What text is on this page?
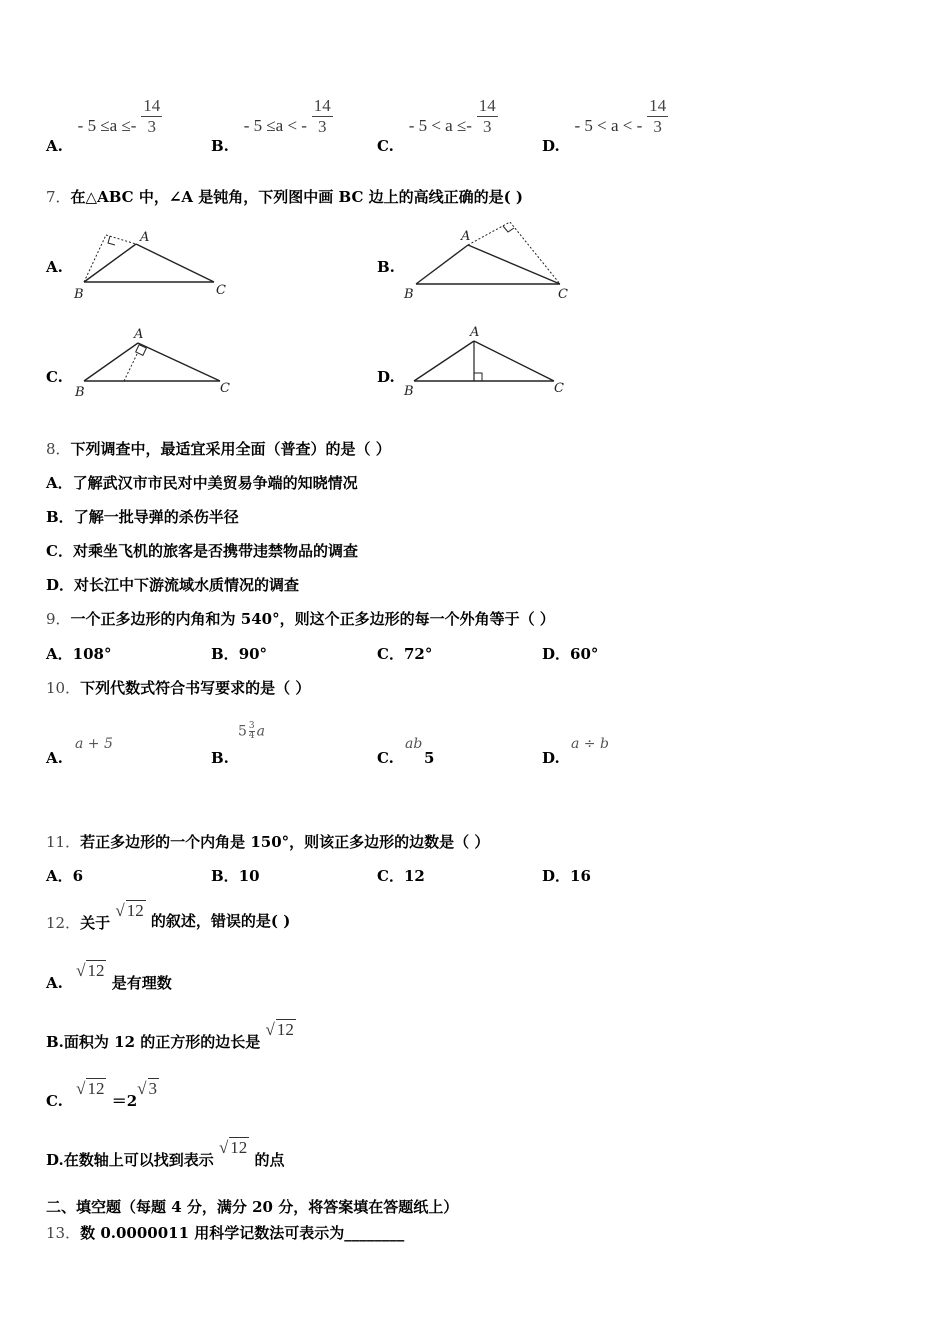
A. - $5 \le a \le- \frac{14}{3}$
B. - 5 ≤a < - $\frac{14}{3}$
C. - $5 < a \le- \frac{14}{3}$
D. - 5 < a < - $\frac{14}{3}$
7．在△ABC 中，∠A 是钝角，下列图中画 BC 边上的高线正确的是( )
A.
A
B	C
B.
A
B	C
C.
A
B	C
D.
A
B	C
8．下列调查中，最适宜采用全面（普查）的是（ ）
A．了解武汉市市民对中美贸易争端的知晓情况
B．了解一批导弹的杀伤半径
C．对乘坐飞机的旅客是否携带违禁物品的调查
D．对长江中下游流域水质情况的调查
9．一个正多边形的内角和为 540°，则这个正多边形的每一个外角等于（ ）
A．108°	B．90°	C．72°	D．60°
10．下列代数式符合书写要求的是（ ）
A.
a + 5
B.
$5 \frac{3}{4}$ a
C.
ab
5	D.
a ÷ b
11．若正多边形的一个内角是 150°，则该正多边形的边数是（ ）
A．6	B．10	C．12	D．16
12．关于 √ 12 的叙述，错误的是( )
A. √ 12 是有理数
B.面积为 12 的正方形的边长是 √ 12
C. √ 12 ＝2√ 3
D.在数轴上可以找到表示 √ 12 的点
二、填空题（每题 4 分，满分 20 分，将答案填在答题纸上）
13．数 0.0000011 用科学记数法可表示为________
